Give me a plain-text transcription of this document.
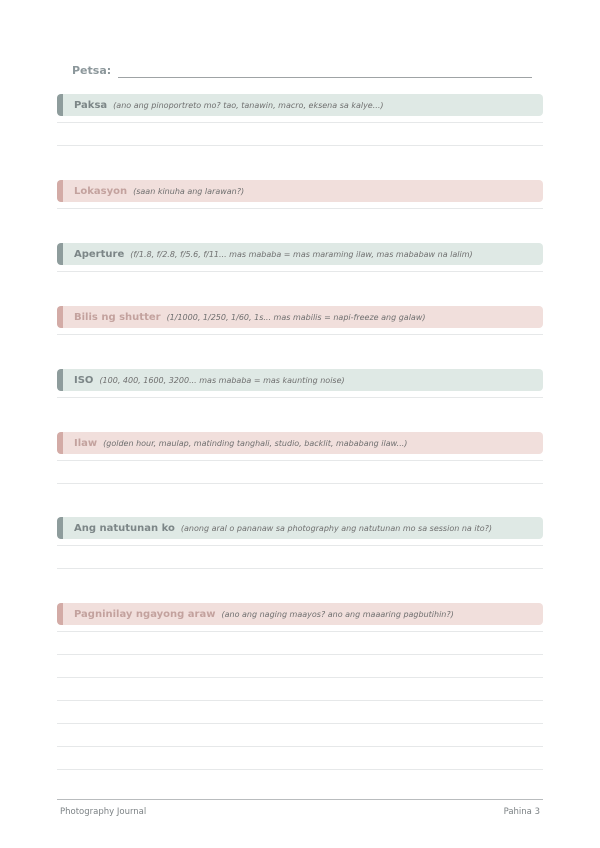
Petsa:
Paksa (ano ang pinoportreto mo? tao, tanawin, macro, eksena sa kalye...)
Lokasyon (saan kinuha ang larawan?)
Aperture (f/1.8, f/2.8, f/5.6, f/11... mas mababa = mas maraming ilaw, mas mababaw na lalim)
Bilis ng shutter (1/1000, 1/250, 1/60, 1s... mas mabilis = napi-freeze ang galaw)
ISO (100, 400, 1600, 3200... mas mababa = mas kaunting noise)
Ilaw (golden hour, maulap, matinding tanghali, studio, backlit, mababang ilaw...)
Ang natutunan ko (anong aral o pananaw sa photography ang natutunan mo sa session na ito?)
Pagninilay ngayong araw (ano ang naging maayos? ano ang maaaring pagbutihin?)
Photography Journal	Pahina 3
